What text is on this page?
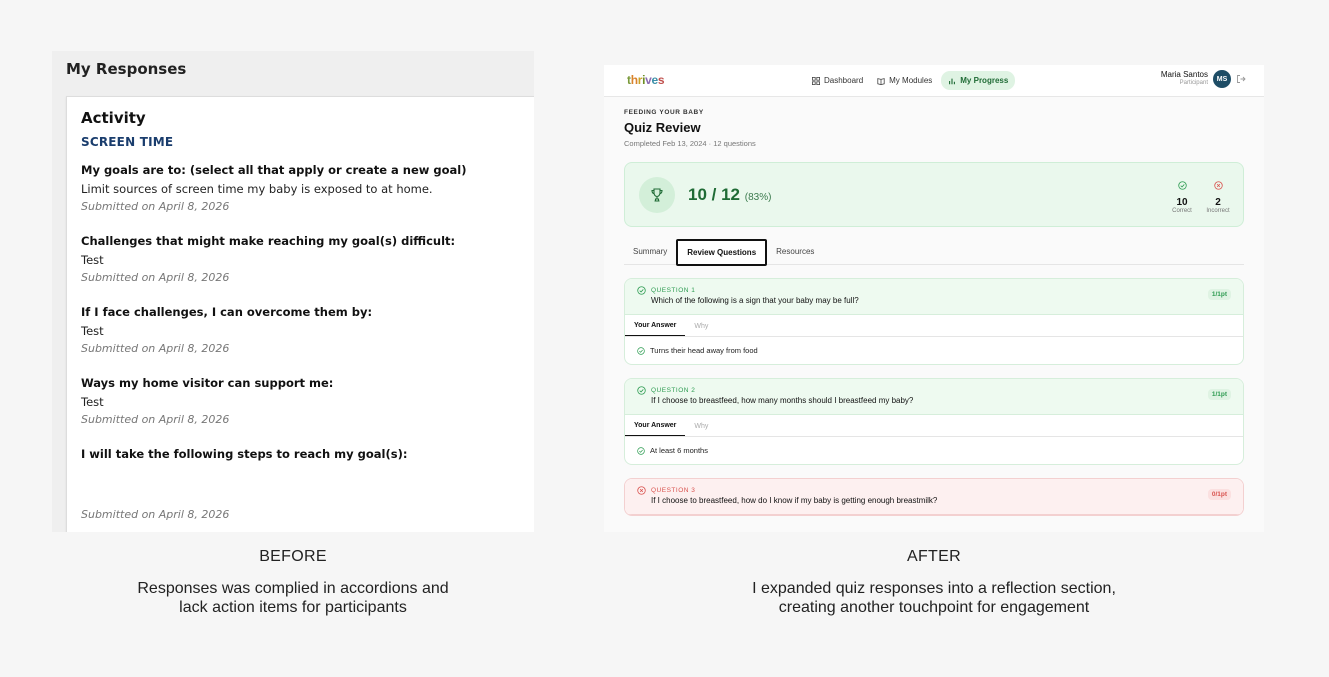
My Responses
Activity
SCREEN TIME
My goals are to: (select all that apply or create a new goal)
Limit sources of screen time my baby is exposed to at home.
Submitted on April 8, 2026
Challenges that might make reaching my goal(s) difficult:
Test
Submitted on April 8, 2026
If I face challenges, I can overcome them by:
Test
Submitted on April 8, 2026
Ways my home visitor can support me:
Test
Submitted on April 8, 2026
I will take the following steps to reach my goal(s):
Submitted on April 8, 2026
BEFORE
Responses was complied in accordions and
lack action items for participants
thrives	Dashboard	My Modules	My Progress
Maria Santos
Participant
MS
FEEDING YOUR BABY
Quiz Review
Completed Feb 13, 2024 · 12 questions
10 / 12 (83%)	10
Correct
2
Incorrect
Summary	Review Questions	Resources
QUESTION 1
Which of the following is a sign that your baby may be full?
1/1pt
Your Answer	Why
Turns their head away from food
QUESTION 2
If I choose to breastfeed, how many months should I breastfeed my baby?
1/1pt
Your Answer	Why
At least 6 months
QUESTION 3
If I choose to breastfeed, how do I know if my baby is getting enough breastmilk?
0/1pt
AFTER
I expanded quiz responses into a reflection section,
creating another touchpoint for engagement
